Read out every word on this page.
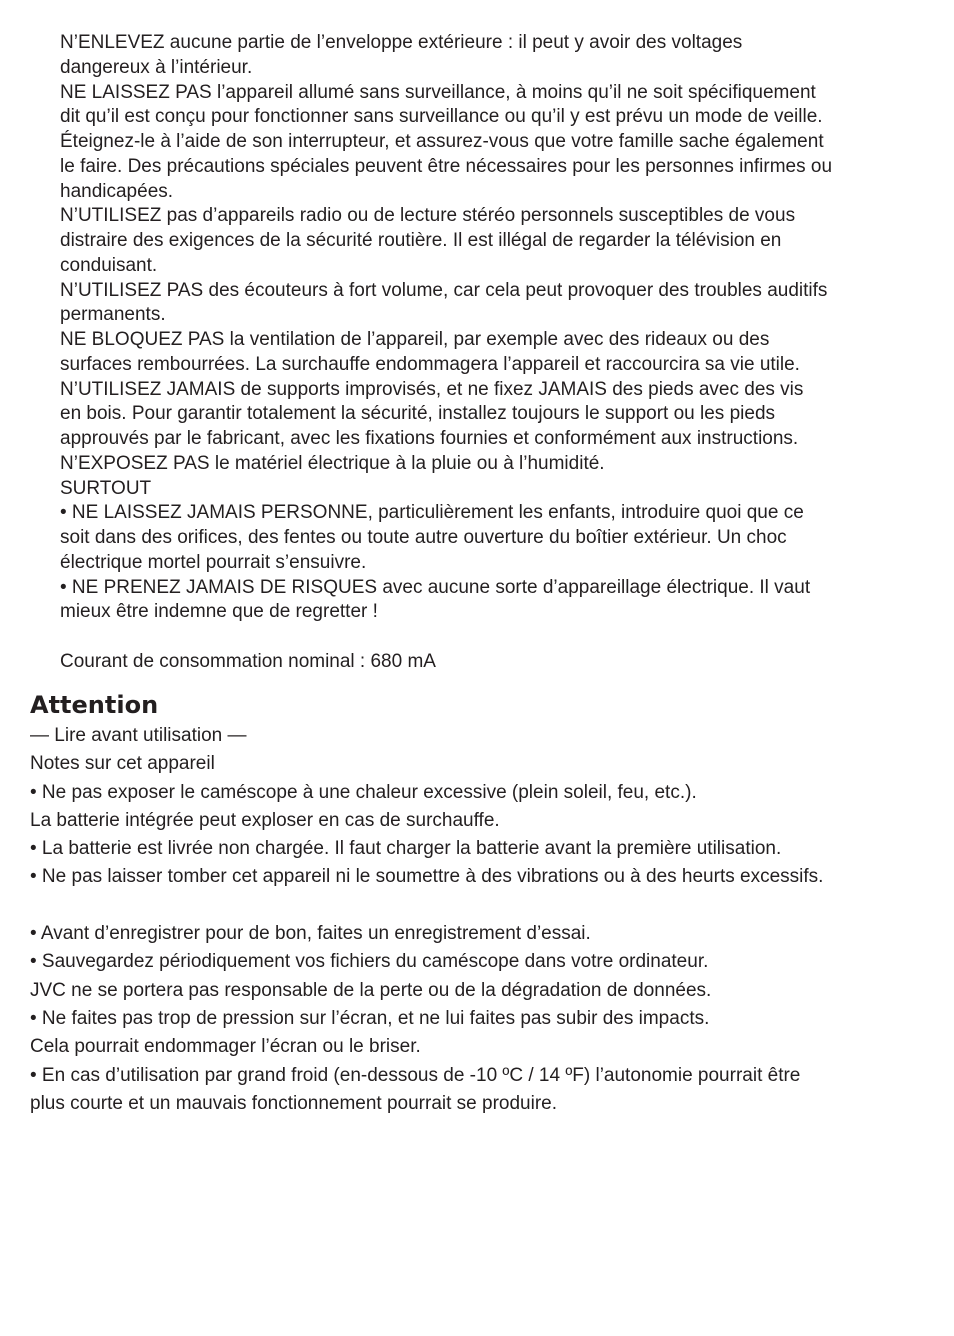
N’ENLEVEZ aucune partie de l’enveloppe extérieure : il peut y avoir des voltages

dangereux à l’intérieur.

NE LAISSEZ PAS l’appareil allumé sans surveillance, à moins qu’il ne soit spécifiquement

dit qu’il est conçu pour fonctionner sans surveillance ou qu’il y est prévu un mode de veille.

Éteignez-le à l’aide de son interrupteur, et assurez-vous que votre famille sache également

le faire. Des précautions spéciales peuvent être nécessaires pour les personnes infirmes ou

handicapées.

N’UTILISEZ pas d’appareils radio ou de lecture stéréo personnels susceptibles de vous

distraire des exigences de la sécurité routière. Il est illégal de regarder la télévision en

conduisant.

N’UTILISEZ PAS des écouteurs à fort volume, car cela peut provoquer des troubles auditifs

permanents.

NE BLOQUEZ PAS la ventilation de l’appareil, par exemple avec des rideaux ou des

surfaces rembourrées. La surchauffe endommagera l’appareil et raccourcira sa vie utile.

N’UTILISEZ JAMAIS de supports improvisés, et ne fixez JAMAIS des pieds avec des vis

en bois. Pour garantir totalement la sécurité, installez toujours le support ou les pieds

approuvés par le fabricant, avec les fixations fournies et conformément aux instructions.

N’EXPOSEZ PAS le matériel électrique à la pluie ou à l’humidité.

SURTOUT

• NE LAISSEZ JAMAIS PERSONNE, particulièrement les enfants, introduire quoi que ce

soit dans des orifices, des fentes ou toute autre ouverture du boîtier extérieur. Un choc

électrique mortel pourrait s’ensuivre.

• NE PRENEZ JAMAIS DE RISQUES avec aucune sorte d’appareillage électrique. Il vaut

mieux être indemne que de regretter !

Courant de consommation nominal : 680 mA

Attention

— Lire avant utilisation —

Notes sur cet appareil

• Ne pas exposer le caméscope à une chaleur excessive (plein soleil, feu, etc.).

La batterie intégrée peut exploser en cas de surchauffe.

• La batterie est livrée non chargée. Il faut charger la batterie avant la première utilisation.

• Ne pas laisser tomber cet appareil ni le soumettre à des vibrations ou à des heurts excessifs.

• Avant d’enregistrer pour de bon, faites un enregistrement d’essai.

• Sauvegardez périodiquement vos fichiers du caméscope dans votre ordinateur.

JVC ne se portera pas responsable de la perte ou de la dégradation de données.

• Ne faites pas trop de pression sur l’écran, et ne lui faites pas subir des impacts.

Cela pourrait endommager l’écran ou le briser.

• En cas d’utilisation par grand froid (en-dessous de -10 ºC / 14 ºF) l’autonomie pourrait être

plus courte et un mauvais fonctionnement pourrait se produire.
